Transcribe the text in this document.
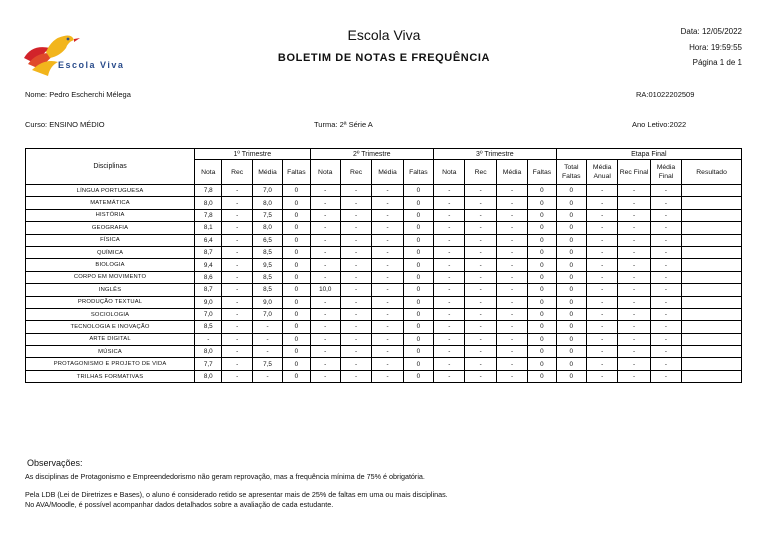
Escola Viva
Escola Viva
BOLETIM DE NOTAS E FREQUÊNCIA
Data: 12/05/2022
Hora: 19:59:55
Página 1 de 1
Nome: Pedro Escherchi Mélega	RA:01022202509
Curso: ENSINO MÉDIO	Turma: 2ª Série A	Ano Letivo:2022
Disciplinas	1º Trimestre				2º Trimestre				3º Trimestre				Etapa Final				
	Nota	Rec	Média	Faltas	Nota	Rec	Média	Faltas	Nota	Rec	Média	Faltas	Total Faltas	Média Anual	Rec Final	Média Final	Resultado
LÍNGUA PORTUGUESA	7,8	-	7,0	0	-	-	-	0	-	-	-	0	0	-	-	-	
MATEMÁTICA	8,0	-	8,0	0	-	-	-	0	-	-	-	0	0	-	-	-	
HISTÓRIA	7,8	-	7,5	0	-	-	-	0	-	-	-	0	0	-	-	-	
GEOGRAFIA	8,1	-	8,0	0	-	-	-	0	-	-	-	0	0	-	-	-	
FÍSICA	6,4	-	6,5	0	-	-	-	0	-	-	-	0	0	-	-	-	
QUÍMICA	8,7	-	8,5	0	-	-	-	0	-	-	-	0	0	-	-	-	
BIOLOGIA	9,4	-	9,5	0	-	-	-	0	-	-	-	0	0	-	-	-	
CORPO EM MOVIMENTO	8,6	-	8,5	0	-	-	-	0	-	-	-	0	0	-	-	-	
INGLÊS	8,7	-	8,5	0	10,0	-	-	0	-	-	-	0	0	-	-	-	
PRODUÇÃO TEXTUAL	9,0	-	9,0	0	-	-	-	0	-	-	-	0	0	-	-	-	
SOCIOLOGIA	7,0	-	7,0	0	-	-	-	0	-	-	-	0	0	-	-	-	
TECNOLOGIA E INOVAÇÃO	8,5	-	-	0	-	-	-	0	-	-	-	0	0	-	-	-	
ARTE DIGITAL	-	-	-	0	-	-	-	0	-	-	-	0	0	-	-	-	
MÚSICA	8,0	-	-	0	-	-	-	0	-	-	-	0	0	-	-	-	
PROTAGONISMO E PROJETO DE VIDA	7,7	-	7,5	0	-	-	-	0	-	-	-	0	0	-	-	-	
TRILHAS FORMATIVAS	8,0	-	-	0	-	-	-	0	-	-	-	0	0	-	-	-	
Observações:
As disciplinas de Protagonismo e Empreendedorismo não geram reprovação, mas a frequência mínima de 75% é obrigatória.
Pela LDB (Lei de Diretrizes e Bases), o aluno é considerado retido se apresentar mais de 25% de faltas em uma ou mais disciplinas.
No AVA/Moodle, é possível acompanhar dados detalhados sobre a avaliação de cada estudante.
